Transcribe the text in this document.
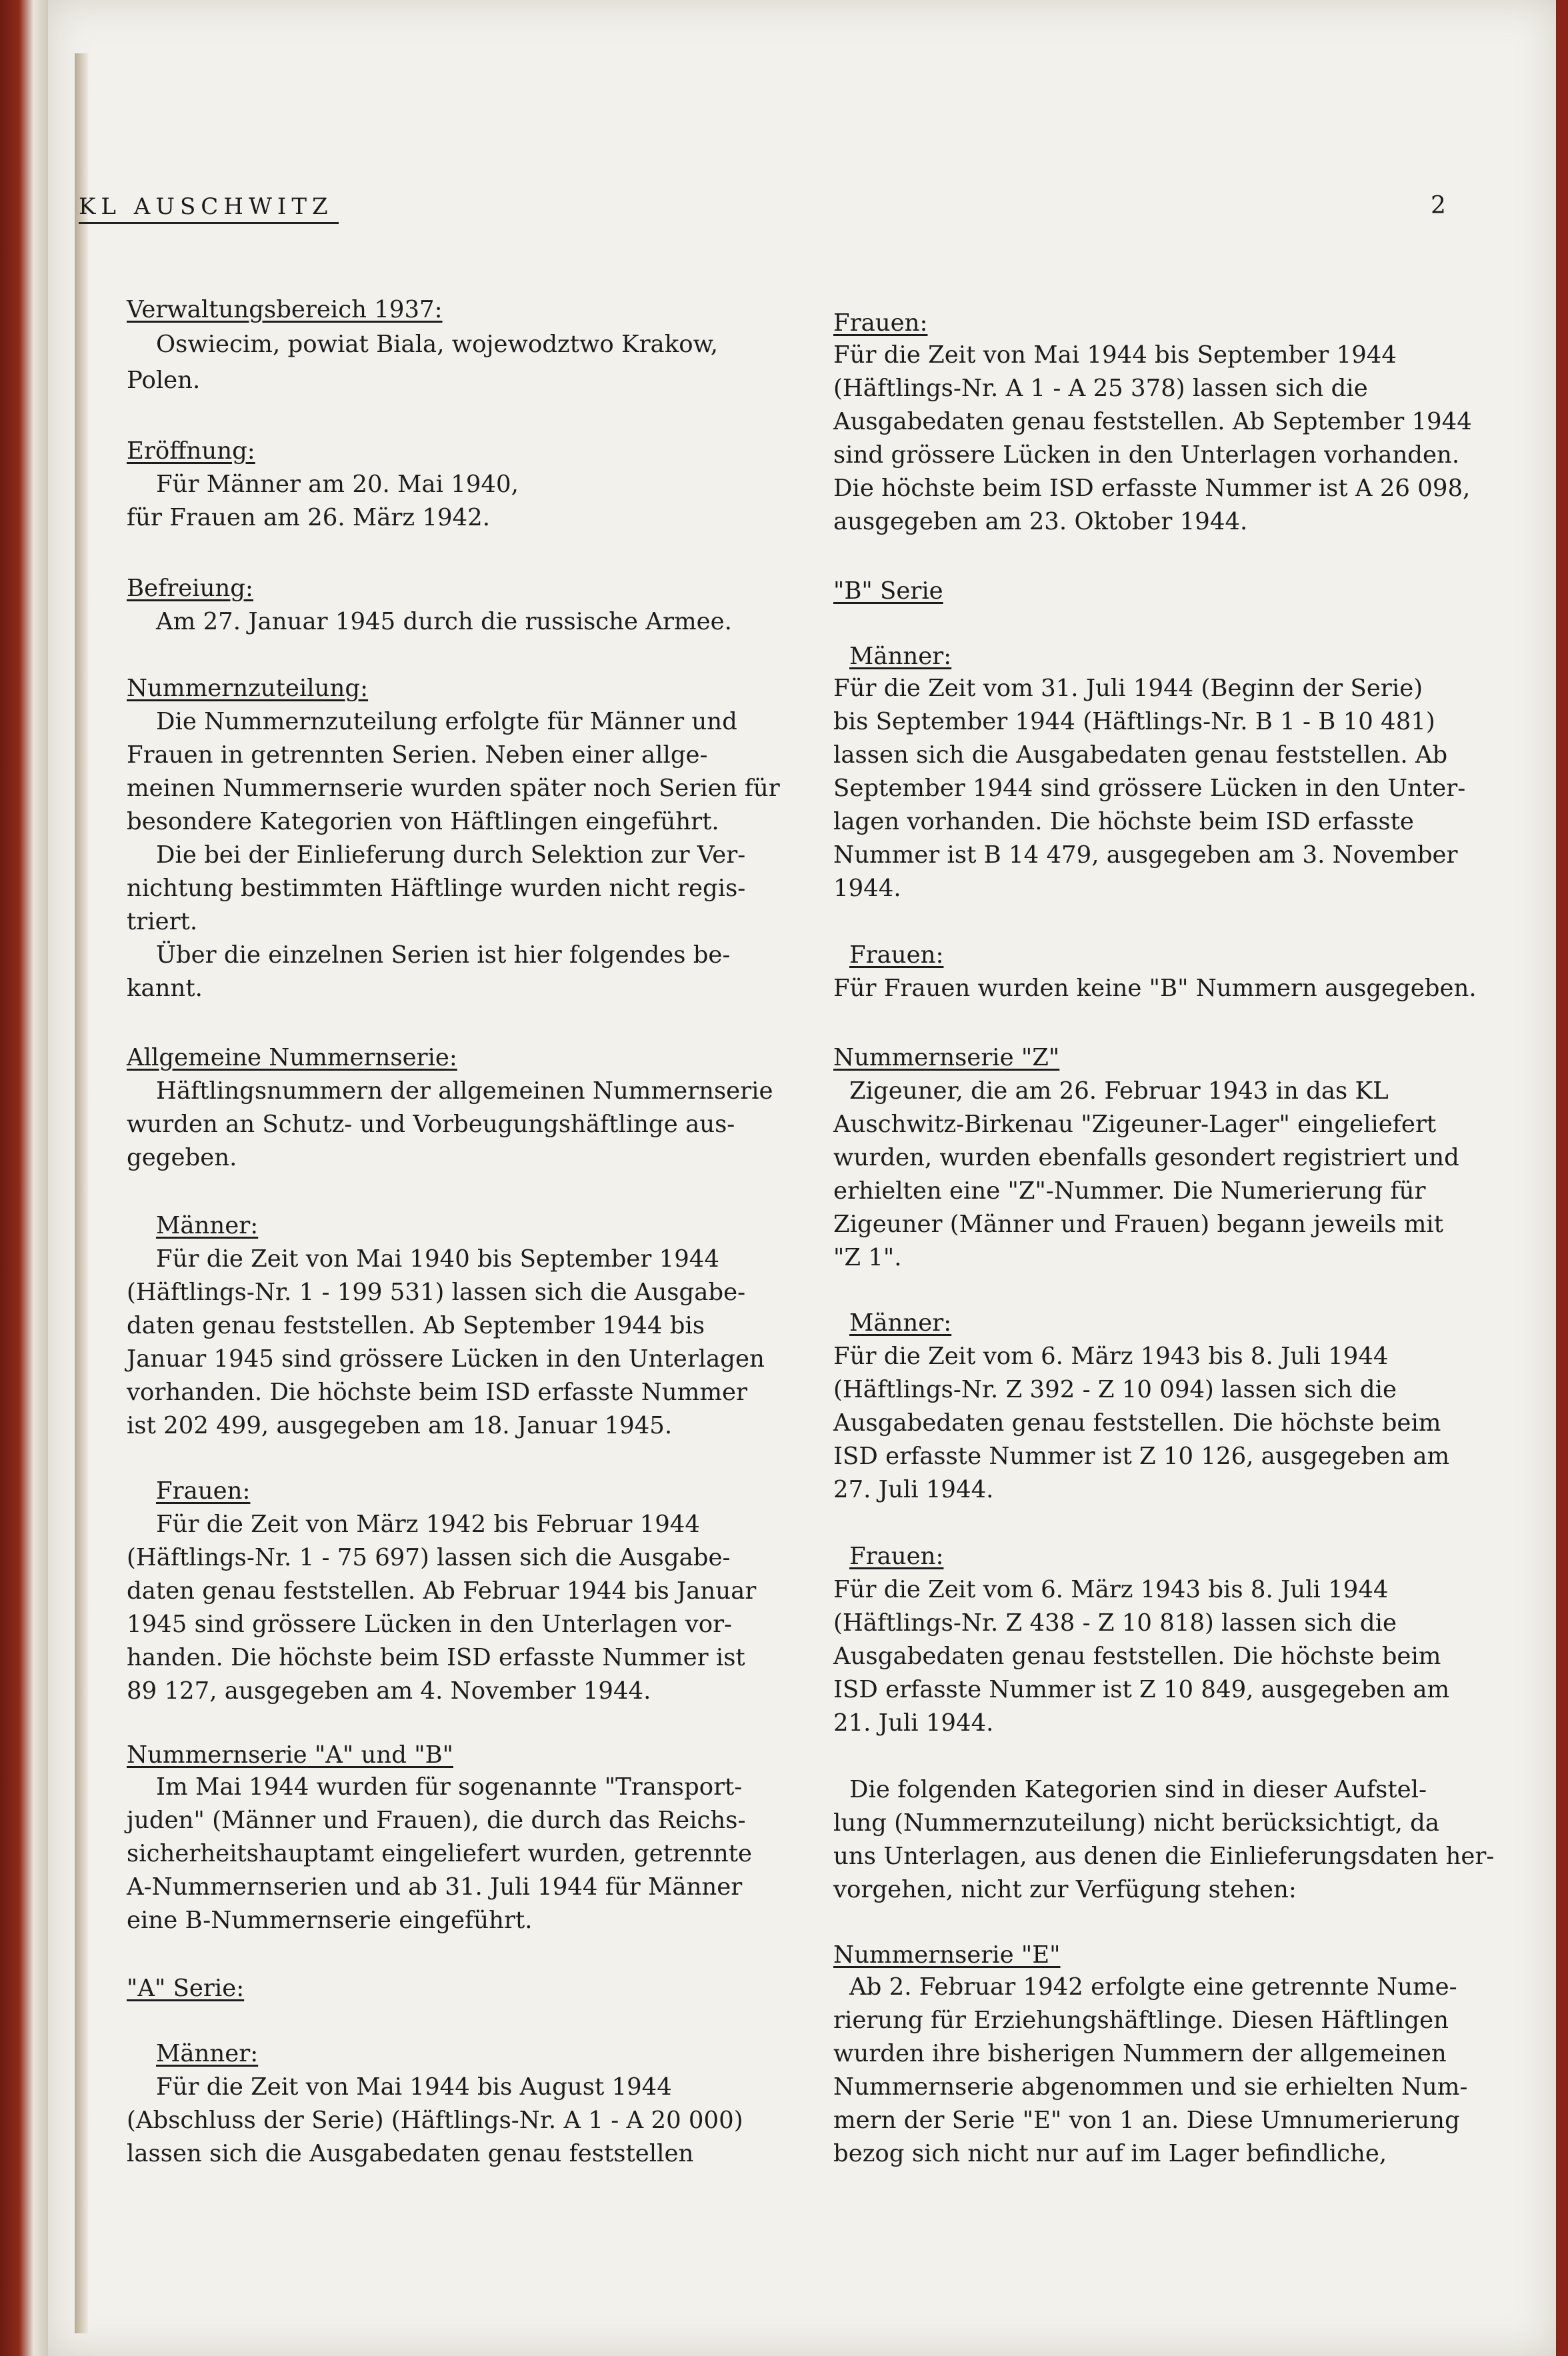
KL AUSCHWITZ	2
Verwaltungsbereich 1937:
Oswiecim, powiat Biala, wojewodztwo Krakow,
Polen.
Eröffnung:
Für Männer am 20. Mai 1940,
für Frauen am 26. März 1942.
Befreiung:
Am 27. Januar 1945 durch die russische Armee.
Nummernzuteilung:
Die Nummernzuteilung erfolgte für Männer und
Frauen in getrennten Serien. Neben einer allge-
meinen Nummernserie wurden später noch Serien für
besondere Kategorien von Häftlingen eingeführt.
Die bei der Einlieferung durch Selektion zur Ver-
nichtung bestimmten Häftlinge wurden nicht regis-
triert.
Über die einzelnen Serien ist hier folgendes be-
kannt.
Allgemeine Nummernserie:
Häftlingsnummern der allgemeinen Nummernserie
wurden an Schutz- und Vorbeugungshäftlinge aus-
gegeben.
Männer:
Für die Zeit von Mai 1940 bis September 1944
(Häftlings-Nr. 1 - 199 531) lassen sich die Ausgabe-
daten genau feststellen. Ab September 1944 bis
Januar 1945 sind grössere Lücken in den Unterlagen
vorhanden. Die höchste beim ISD erfasste Nummer
ist 202 499, ausgegeben am 18. Januar 1945.
Frauen:
Für die Zeit von März 1942 bis Februar 1944
(Häftlings-Nr. 1 - 75 697) lassen sich die Ausgabe-
daten genau feststellen. Ab Februar 1944 bis Januar
1945 sind grössere Lücken in den Unterlagen vor-
handen. Die höchste beim ISD erfasste Nummer ist
89 127, ausgegeben am 4. November 1944.
Nummernserie "A" und "B"
Im Mai 1944 wurden für sogenannte "Transport-
juden" (Männer und Frauen), die durch das Reichs-
sicherheitshauptamt eingeliefert wurden, getrennte
A-Nummernserien und ab 31. Juli 1944 für Männer
eine B-Nummernserie eingeführt.
"A" Serie:
Männer:
Für die Zeit von Mai 1944 bis August 1944
(Abschluss der Serie) (Häftlings-Nr. A 1 - A 20 000)
lassen sich die Ausgabedaten genau feststellen
Frauen:
Für die Zeit von Mai 1944 bis September 1944
(Häftlings-Nr. A 1 - A 25 378) lassen sich die
Ausgabedaten genau feststellen. Ab September 1944
sind grössere Lücken in den Unterlagen vorhanden.
Die höchste beim ISD erfasste Nummer ist A 26 098,
ausgegeben am 23. Oktober 1944.
"B" Serie
Männer:
Für die Zeit vom 31. Juli 1944 (Beginn der Serie)
bis September 1944 (Häftlings-Nr. B 1 - B 10 481)
lassen sich die Ausgabedaten genau feststellen. Ab
September 1944 sind grössere Lücken in den Unter-
lagen vorhanden. Die höchste beim ISD erfasste
Nummer ist B 14 479, ausgegeben am 3. November
1944.
Frauen:
Für Frauen wurden keine "B" Nummern ausgegeben.
Nummernserie "Z"
Zigeuner, die am 26. Februar 1943 in das KL
Auschwitz-Birkenau "Zigeuner-Lager" eingeliefert
wurden, wurden ebenfalls gesondert registriert und
erhielten eine "Z"-Nummer. Die Numerierung für
Zigeuner (Männer und Frauen) begann jeweils mit
"Z 1".
Männer:
Für die Zeit vom 6. März 1943 bis 8. Juli 1944
(Häftlings-Nr. Z 392 - Z 10 094) lassen sich die
Ausgabedaten genau feststellen. Die höchste beim
ISD erfasste Nummer ist Z 10 126, ausgegeben am
27. Juli 1944.
Frauen:
Für die Zeit vom 6. März 1943 bis 8. Juli 1944
(Häftlings-Nr. Z 438 - Z 10 818) lassen sich die
Ausgabedaten genau feststellen. Die höchste beim
ISD erfasste Nummer ist Z 10 849, ausgegeben am
21. Juli 1944.
Die folgenden Kategorien sind in dieser Aufstel-
lung (Nummernzuteilung) nicht berücksichtigt, da
uns Unterlagen, aus denen die Einlieferungsdaten her-
vorgehen, nicht zur Verfügung stehen:
Nummernserie "E"
Ab 2. Februar 1942 erfolgte eine getrennte Nume-
rierung für Erziehungshäftlinge. Diesen Häftlingen
wurden ihre bisherigen Nummern der allgemeinen
Nummernserie abgenommen und sie erhielten Num-
mern der Serie "E" von 1 an. Diese Umnumerierung
bezog sich nicht nur auf im Lager befindliche,
